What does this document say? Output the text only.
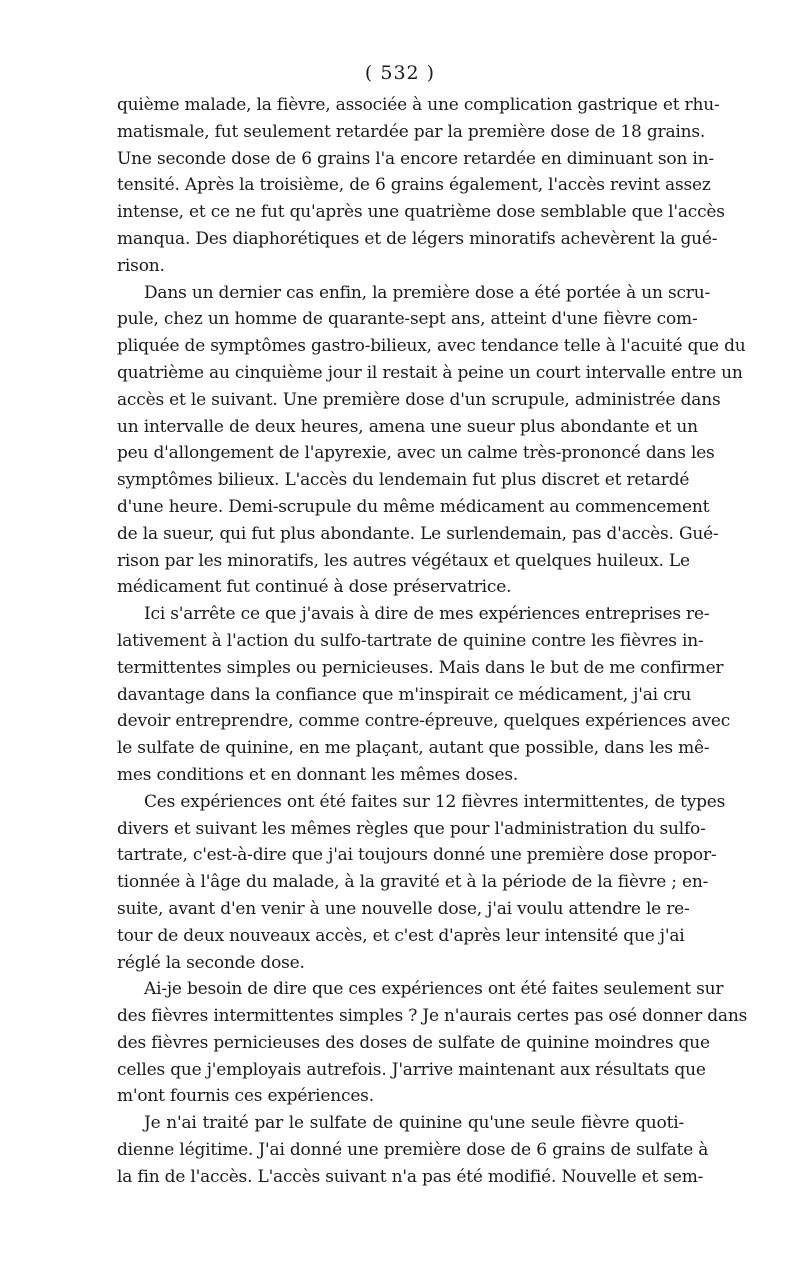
( 532 )
quième malade, la fièvre, associée à une complication gastrique et rhu-
matismale, fut seulement retardée par la première dose de 18 grains.
Une seconde dose de 6 grains l'a encore retardée en diminuant son in-
tensité. Après la troisième, de 6 grains également, l'accès revint assez
intense, et ce ne fut qu'après une quatrième dose semblable que l'accès
manqua. Des diaphorétiques et de légers minoratifs achevèrent la gué-
rison.
Dans un dernier cas enfin, la première dose a été portée à un scru-
pule, chez un homme de quarante-sept ans, atteint d'une fièvre com-
pliquée de symptômes gastro-bilieux, avec tendance telle à l'acuité que du
quatrième au cinquième jour il restait à peine un court intervalle entre un
accès et le suivant. Une première dose d'un scrupule, administrée dans
un intervalle de deux heures, amena une sueur plus abondante et un
peu d'allongement de l'apyrexie, avec un calme très-prononcé dans les
symptômes bilieux. L'accès du lendemain fut plus discret et retardé
d'une heure. Demi-scrupule du même médicament au commencement
de la sueur, qui fut plus abondante. Le surlendemain, pas d'accès. Gué-
rison par les minoratifs, les autres végétaux et quelques huileux. Le
médicament fut continué à dose préservatrice.
Ici s'arrête ce que j'avais à dire de mes expériences entreprises re-
lativement à l'action du sulfo-tartrate de quinine contre les fièvres in-
termittentes simples ou pernicieuses. Mais dans le but de me confirmer
davantage dans la confiance que m'inspirait ce médicament, j'ai cru
devoir entreprendre, comme contre-épreuve, quelques expériences avec
le sulfate de quinine, en me plaçant, autant que possible, dans les mê-
mes conditions et en donnant les mêmes doses.
Ces expériences ont été faites sur 12 fièvres intermittentes, de types
divers et suivant les mêmes règles que pour l'administration du sulfo-
tartrate, c'est-à-dire que j'ai toujours donné une première dose propor-
tionnée à l'âge du malade, à la gravité et à la période de la fièvre ; en-
suite, avant d'en venir à une nouvelle dose, j'ai voulu attendre le re-
tour de deux nouveaux accès, et c'est d'après leur intensité que j'ai
réglé la seconde dose.
Ai-je besoin de dire que ces expériences ont été faites seulement sur
des fièvres intermittentes simples ? Je n'aurais certes pas osé donner dans
des fièvres pernicieuses des doses de sulfate de quinine moindres que
celles que j'employais autrefois. J'arrive maintenant aux résultats que
m'ont fournis ces expériences.
Je n'ai traité par le sulfate de quinine qu'une seule fièvre quoti-
dienne légitime. J'ai donné une première dose de 6 grains de sulfate à
la fin de l'accès. L'accès suivant n'a pas été modifié. Nouvelle et sem-
